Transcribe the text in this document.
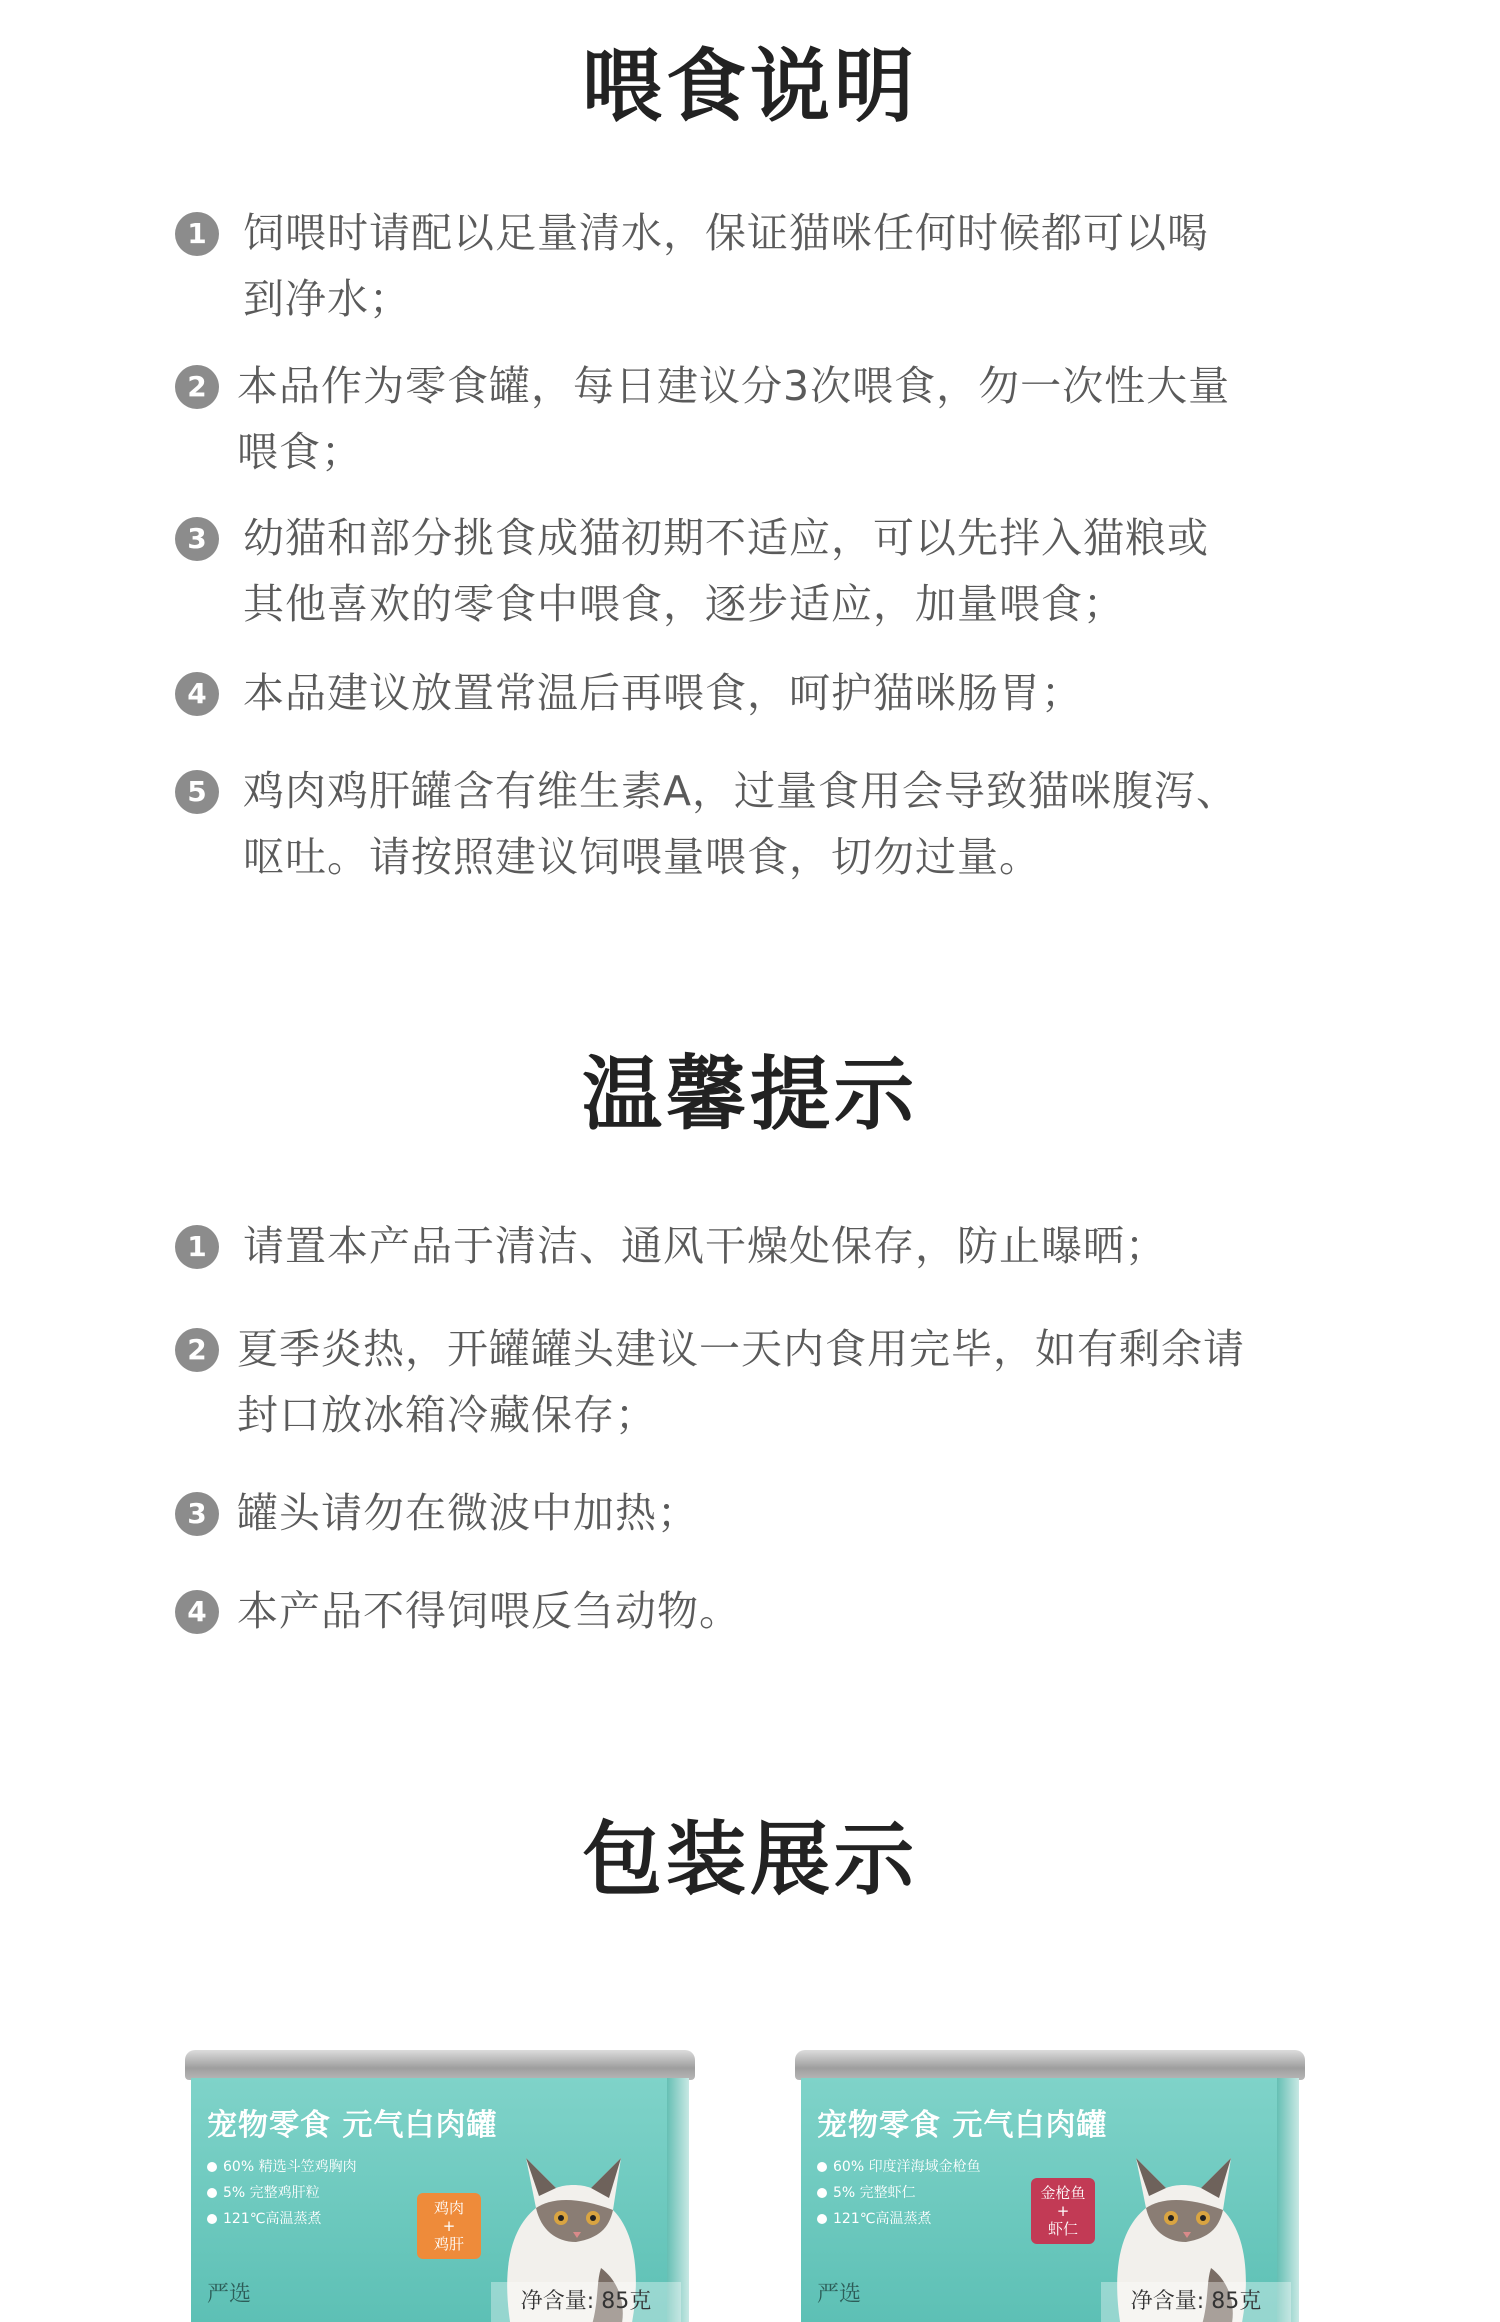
喂食说明
1 饲喂时请配以足量清水，保证猫咪任何时候都可以喝
到净水；
2 本品作为零食罐，每日建议分3次喂食，勿一次性大量
喂食；
3 幼猫和部分挑食成猫初期不适应，可以先拌入猫粮或
其他喜欢的零食中喂食，逐步适应，加量喂食；
4 本品建议放置常温后再喂食，呵护猫咪肠胃；
5 鸡肉鸡肝罐含有维生素A，过量食用会导致猫咪腹泻、
呕吐。请按照建议饲喂量喂食，切勿过量。
温馨提示
1 请置本产品于清洁、通风干燥处保存，防止曝晒；
2 夏季炎热，开罐罐头建议一天内食用完毕，如有剩余请
封口放冰箱冷藏保存；
3 罐头请勿在微波中加热；
4 本产品不得饲喂反刍动物。
包装展示
宠物零食 元气白肉罐
60% 精选斗笠鸡胸肉
5% 完整鸡肝粒
121℃高温蒸煮
鸡肉
+
鸡肝
严选	净含量: 85克
宠物零食 元气白肉罐
60% 印度洋海域金枪鱼
5% 完整虾仁
121℃高温蒸煮
金枪鱼
+
虾仁
严选	净含量: 85克
